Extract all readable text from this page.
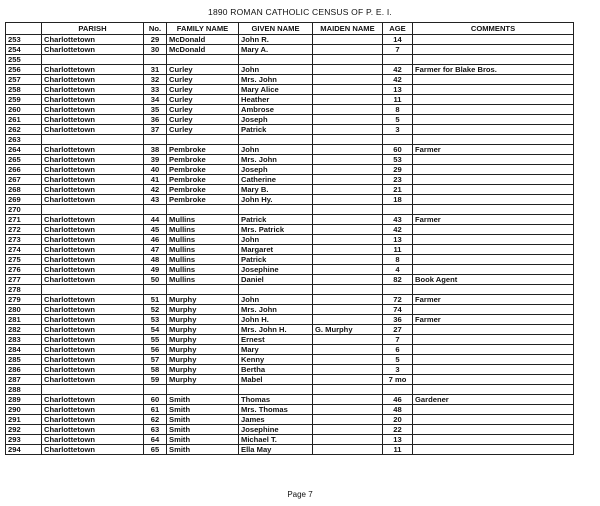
1890 ROMAN CATHOLIC CENSUS OF P. E. I.
	PARISH	No.	FAMILY NAME	GIVEN NAME	MAIDEN NAME	AGE	COMMENTS
253	Charlottetown	29	McDonald	John R.		14	
254	Charlottetown	30	McDonald	Mary A.		7	
255							
256	Charlottetown	31	Curley	John		42	Farmer for Blake Bros.
257	Charlottetown	32	Curley	Mrs. John		42	
258	Charlottetown	33	Curley	Mary Alice		13	
259	Charlottetown	34	Curley	Heather		11	
260	Charlottetown	35	Curley	Ambrose		8	
261	Charlottetown	36	Curley	Joseph		5	
262	Charlottetown	37	Curley	Patrick		3	
263							
264	Charlottetown	38	Pembroke	John		60	Farmer
265	Charlottetown	39	Pembroke	Mrs. John		53	
266	Charlottetown	40	Pembroke	Joseph		29	
267	Charlottetown	41	Pembroke	Catherine		23	
268	Charlottetown	42	Pembroke	Mary B.		21	
269	Charlottetown	43	Pembroke	John Hy.		18	
270							
271	Charlottetown	44	Mullins	Patrick		43	Farmer
272	Charlottetown	45	Mullins	Mrs. Patrick		42	
273	Charlottetown	46	Mullins	John		13	
274	Charlottetown	47	Mullins	Margaret		11	
275	Charlottetown	48	Mullins	Patrick		8	
276	Charlottetown	49	Mullins	Josephine		4	
277	Charlottetown	50	Mullins	Daniel		82	Book Agent
278							
279	Charlottetown	51	Murphy	John		72	Farmer
280	Charlottetown	52	Murphy	Mrs. John		74	
281	Charlottetown	53	Murphy	John H.		36	Farmer
282	Charlottetown	54	Murphy	Mrs. John H.	G. Murphy	27	
283	Charlottetown	55	Murphy	Ernest		7	
284	Charlottetown	56	Murphy	Mary		6	
285	Charlottetown	57	Murphy	Kenny		5	
286	Charlottetown	58	Murphy	Bertha		3	
287	Charlottetown	59	Murphy	Mabel		7 mo	
288							
289	Charlottetown	60	Smith	Thomas		46	Gardener
290	Charlottetown	61	Smith	Mrs. Thomas		48	
291	Charlottetown	62	Smith	James		20	
292	Charlottetown	63	Smith	Josephine		22	
293	Charlottetown	64	Smith	Michael T.		13	
294	Charlottetown	65	Smith	Ella May		11	
Page 7
